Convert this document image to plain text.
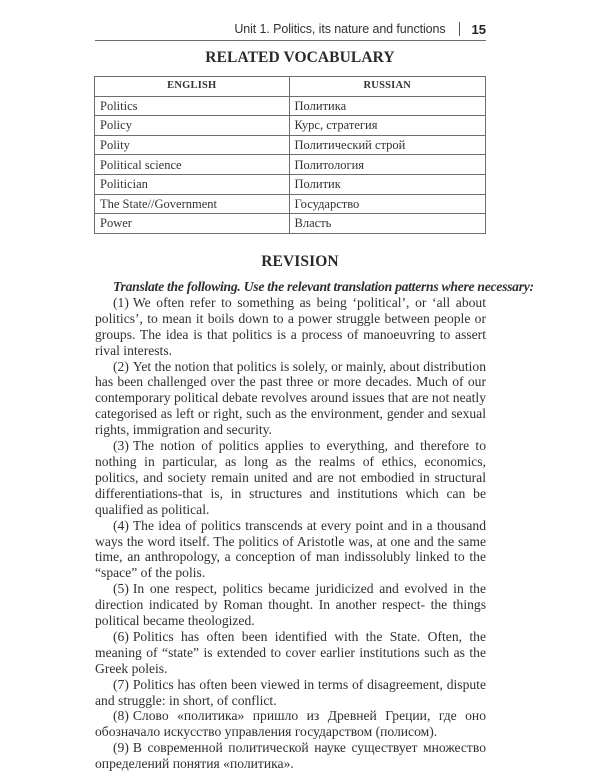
Unit 1. Politics, its nature and functions 15
RELATED VOCABULARY
ENGLISH	RUSSIAN
Politics	Политика
Policy	Курс, стратегия
Polity	Политический строй
Political science	Политология
Politician	Политик
The State//Government	Государство
Power	Власть
REVISION

Translate the following. Use the relevant translation patterns where necessary:

(1) We often refer to something as being ‘political’, or ‘all about politics’, to mean it boils down to a power struggle between people or groups. The idea is that politics is a process of manoeuvring to assert rival interests.

(2) Yet the notion that politics is solely, or mainly, about distribution has been challenged over the past three or more decades. Much of our contemporary political debate revolves around issues that are not neatly categorised as left or right, such as the environment, gender and sexual rights, immigration and security.

(3) The notion of politics applies to everything, and therefore to nothing in particular, as long as the realms of ethics, economics, politics, and society remain united and are not embodied in structural differentiations-that is, in structures and institutions which can be qualified as political.

(4) The idea of politics transcends at every point and in a thousand ways the word itself. The politics of Aristotle was, at one and the same time, an anthropology, a conception of man indissolubly linked to the “space” of the polis.

(5) In one respect, politics became juridicized and evolved in the direction indicated by Roman thought. In another respect- the things political became theologized.

(6) Politics has often been identified with the State. Often, the meaning of “state” is extended to cover earlier institutions such as the Greek poleis.

(7) Politics has often been viewed in terms of disagreement, dispute and struggle: in short, of conflict.

(8) Слово «политика» пришло из Древней Греции, где оно обозначало искусство управления государством (полисом).

(9) В современной политической науке существует множество определений понятия «политика».
